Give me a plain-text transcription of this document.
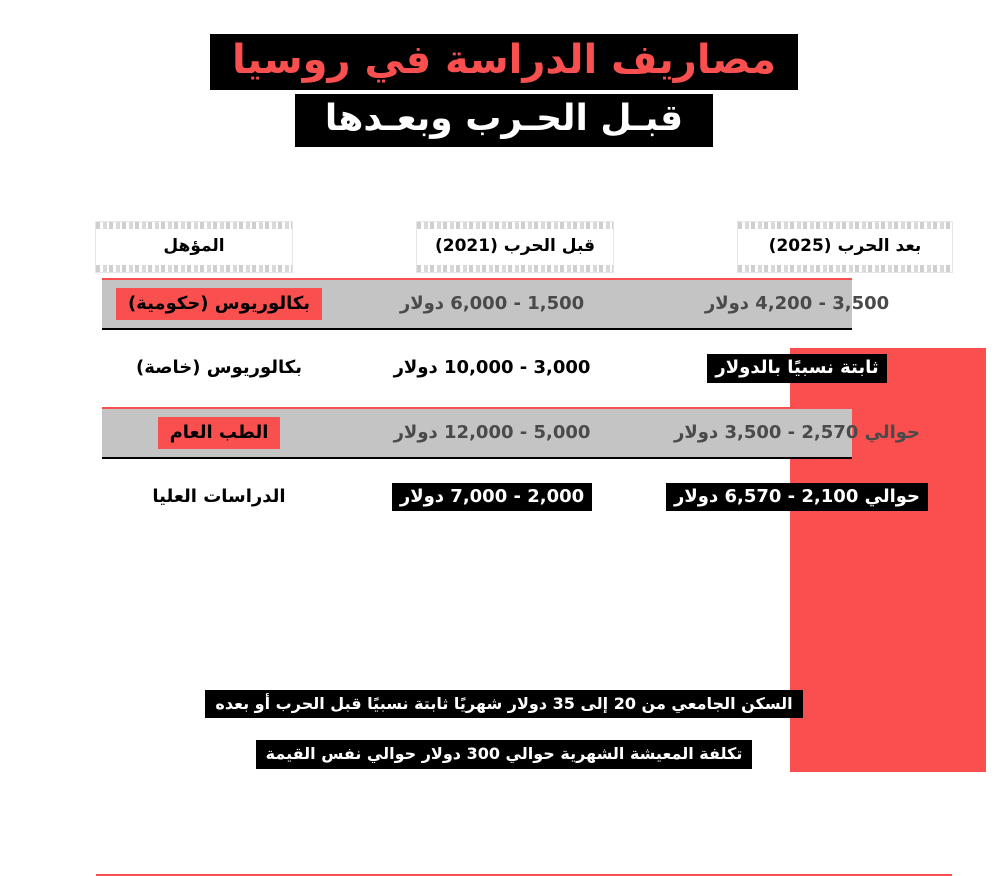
مصاريف الدراسة في روسيا
قبـل الحـرب وبعـدها
بعد الحرب (2025)
قبل الحرب (2021)
المؤهل
3,500 - 4,200 دولار
1,500 - 6,000 دولار
بكالوريوس (حكومية)
ثابتة نسبيًا بالدولار
3,000 - 10,000 دولار
بكالوريوس (خاصة)
حوالي 2,570 - 3,500 دولار
5,000 - 12,000 دولار
الطب العام
حوالي 2,100 - 6,570 دولار
2,000 - 7,000 دولار
الدراسات العليا
السكن الجامعي من 20 إلى 35 دولار شهريًا ثابتة نسبيًا قبل الحرب أو بعده
تكلفة المعيشة الشهرية حوالي 300 دولار حوالي نفس القيمة
